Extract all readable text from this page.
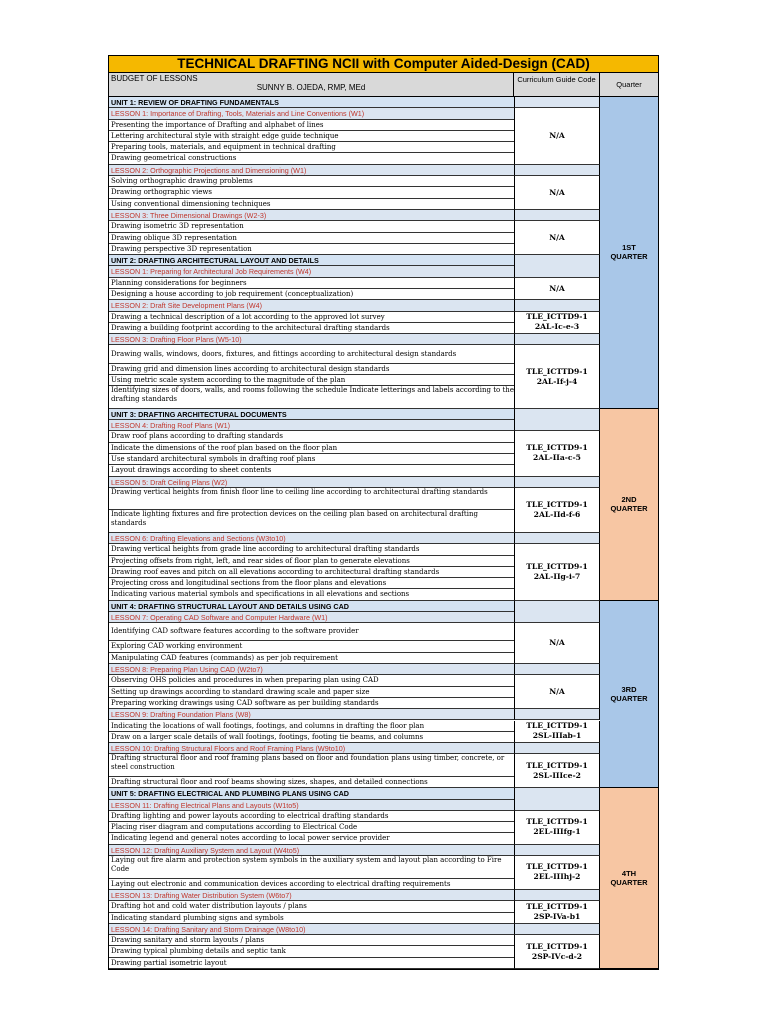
TECHNICAL DRAFTING NCII with Computer Aided-Design (CAD)
BUDGET OF LESSONS
SUNNY B. OJEDA, RMP, MEd
Curriculum Guide Code
Quarter
UNIT 1: REVIEW OF DRAFTING FUNDAMENTALS
LESSON 1: Importance of Drafting, Tools, Materials and Line Conventions (W1)
Presenting the importance of Drafting and alphabet of lines
Lettering architectural style with straight edge guide technique
Preparing tools, materials, and equipment in technical drafting
Drawing geometrical constructions
LESSON 2: Orthographic Projections and Dimensioning (W1)
Solving orthographic drawing problems
Drawing orthographic views
Using conventional dimensioning techniques
LESSON 3: Three Dimensional Drawings (W2-3)
Drawing isometric 3D representation
Drawing oblique 3D representation
Drawing perspective 3D representation
UNIT 2: DRAFTING ARCHITECTURAL LAYOUT AND DETAILS
LESSON 1: Preparing for Architectural Job Requirements (W4)
Planning considerations for beginners
Designing a house according to job requirement (conceptualization)
LESSON 2: Draft Site Development Plans (W4)
Drawing a technical description of a lot according to the approved lot survey
Drawing a building footprint according to the architectural drafting standards
LESSON 3: Drafting Floor Plans (W5-10)
Drawing walls, windows, doors, fixtures, and fittings according to architectural design standards
Drawing grid and dimension lines according to architectural design standards
Using metric scale system according to the magnitude of the plan
Identifying sizes of doors, walls, and rooms following the schedule Indicate letterings and labels according to the drafting standards
UNIT 3: DRAFTING ARCHITECTURAL DOCUMENTS
LESSON 4: Drafting Roof Plans (W1)
Draw roof plans according to drafting standards
Indicate the dimensions of the roof plan based on the floor plan
Use standard architectural symbols in drafting roof plans
Layout drawings according to sheet contents
LESSON 5: Draft Ceiling Plans (W2)
Drawing vertical heights from finish floor line to ceiling line according to architectural drafting standards
Indicate lighting fixtures and fire protection devices on the ceiling plan based on architectural drafting standards
LESSON 6: Drafting Elevations and Sections (W3to10)
Drawing vertical heights from grade line according to architectural drafting standards
Projecting offsets from right, left, and rear sides of floor plan to generate elevations
Drawing roof eaves and pitch on all elevations according to architectural drafting standards
Projecting cross and longitudinal sections from the floor plans and elevations
Indicating various material symbols and specifications in all elevations and sections
UNIT 4: DRAFTING STRUCTURAL LAYOUT AND DETAILS USING CAD
LESSON 7: Operating CAD Software and Computer Hardware (W1)
Identifying CAD software features according to the software provider
Exploring CAD working environment
Manipulating CAD features (commands) as per job requirement
LESSON 8: Preparing Plan Using CAD (W2to7)
Observing OHS policies and procedures in when preparing plan using CAD
Setting up drawings according to standard drawing scale and paper size
Preparing working drawings using CAD software as per building standards
LESSON 9: Drafting Foundation Plans (W8)
Indicating the locations of wall footings, footings, and columns in drafting the floor plan
Draw on a larger scale details of wall footings, footings, footing tie beams, and columns
LESSON 10: Drafting Structural Floors and Roof Framing Plans (W9to10)
Drafting structural floor and roof framing plans based on floor and foundation plans using timber, concrete, or steel construction
Drafting structural floor and roof beams showing sizes, shapes, and detailed connections
UNIT 5: DRAFTING ELECTRICAL AND PLUMBING PLANS USING CAD
LESSON 11: Drafting Electrical Plans and Layouts (W1to5)
Drafting lighting and power layouts according to electrical drafting standards
Placing riser diagram and computations according to Electrical Code
Indicating legend and general notes according to local power service provider
LESSON 12: Drafting Auxiliary System and Layout (W4to5)
Laying out fire alarm and protection system symbols in the auxiliary system and layout plan according to Fire Code
Laying out electronic and communication devices according to electrical drafting requirements
LESSON 13: Drafting Water Distribution System (W6to7)
Drafting hot and cold water distribution layouts / plans
Indicating standard plumbing signs and symbols
LESSON 14: Drafting Sanitary and Storm Drainage (W8to10)
Drawing sanitary and storm layouts / plans
Drawing typical plumbing details and septic tank
Drawing partial isometric layout
N/A
N/A
N/A
N/A
TLE_ICTTD9-12AL-Ic-e-3
TLE_ICTTD9-12AL-If-j-4
TLE_ICTTD9-12AL-IIa-c-5
TLE_ICTTD9-12AL-IId-f-6
TLE_ICTTD9-12AL-IIg-i-7
N/A
N/A
TLE_ICTTD9-12SL-IIIab-1
TLE_ICTTD9-12SL-IIIce-2
TLE_ICTTD9-12EL-IIIfg-1
TLE_ICTTD9-12EL-IIIhj-2
TLE_ICTTD9-12SP-IVa-b1
TLE_ICTTD9-12SP-IVc-d-2
1ST QUARTER
2ND QUARTER
3RD QUARTER
4TH QUARTER
